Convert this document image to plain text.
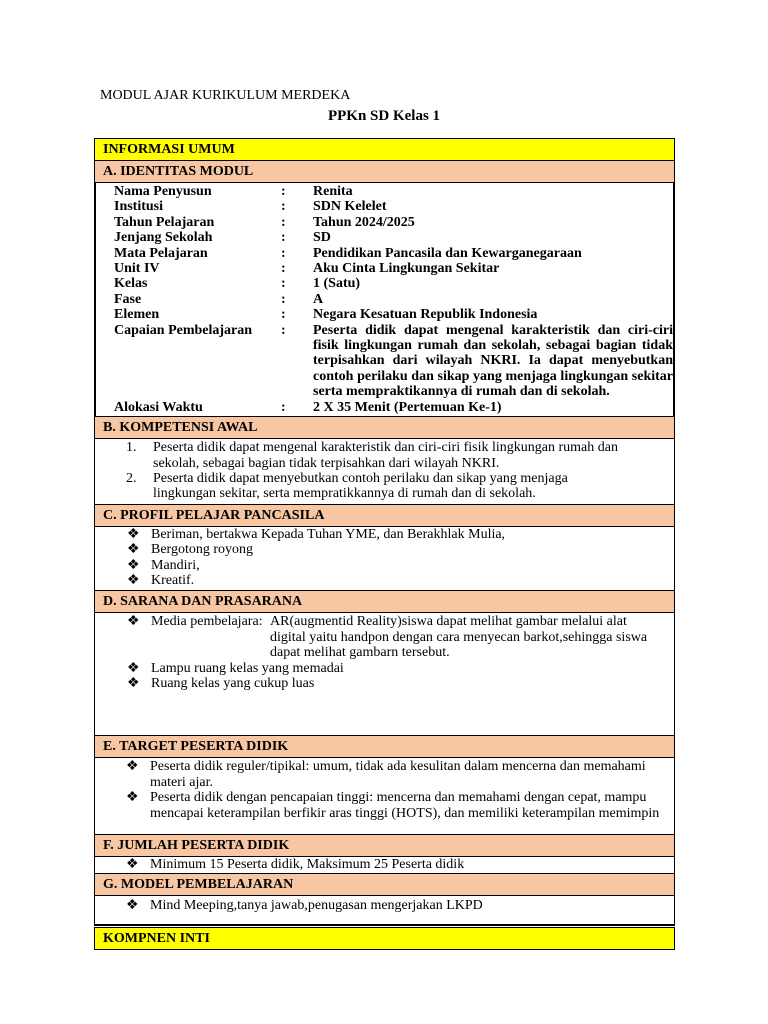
MODUL AJAR KURIKULUM MERDEKA
PPKn SD Kelas 1
INFORMASI UMUM
A. IDENTITAS MODUL
Nama Penyusun	:	Renita
Institusi	:	SDN Kelelet
Tahun Pelajaran	:	Tahun 2024/2025
Jenjang Sekolah	:	SD
Mata Pelajaran	:	Pendidikan Pancasila dan Kewarganegaraan
Unit IV	:	Aku Cinta Lingkungan Sekitar
Kelas	:	1 (Satu)
Fase	:	A
Elemen	:	Negara Kesatuan Republik Indonesia
Capaian Pembelajaran	:	Peserta didik dapat mengenal karakteristik dan ciri-ciri fisik lingkungan rumah dan sekolah, sebagai bagian tidak terpisahkan dari wilayah NKRI. Ia dapat menyebutkan contoh perilaku dan sikap yang menjaga lingkungan sekitar serta mempraktikannya di rumah dan di sekolah.
Alokasi Waktu	:	2 X 35 Menit (Pertemuan Ke-1)
B. KOMPETENSI AWAL
1.	Peserta didik dapat mengenal karakteristik dan ciri-ciri fisik lingkungan rumah dan sekolah, sebagai bagian tidak terpisahkan dari wilayah NKRI.
2.	Peserta didik dapat menyebutkan contoh perilaku dan sikap yang menjaga lingkungan sekitar, serta mempratikkannya di rumah dan di sekolah.
C. PROFIL PELAJAR PANCASILA
❖ Beriman, bertakwa Kepada Tuhan YME, dan Berakhlak Mulia,
❖ Bergotong royong
❖ Mandiri,
❖ Kreatif.
D. SARANA DAN PRASARANA
❖ Media pembelajara: AR(augmentid Reality)siswa dapat melihat gambar melalui alat digital yaitu handpon dengan cara menyecan barkot,sehingga siswa dapat melihat gambarn tersebut.
❖ Lampu ruang kelas yang memadai
❖ Ruang kelas yang cukup luas
E. TARGET PESERTA DIDIK
❖ Peserta didik reguler/tipikal: umum, tidak ada kesulitan dalam mencerna dan memahami materi ajar.
❖ Peserta didik dengan pencapaian tinggi: mencerna dan memahami dengan cepat, mampu mencapai keterampilan berfikir aras tinggi (HOTS), dan memiliki keterampilan memimpin
F. JUMLAH PESERTA DIDIK
❖ Minimum 15 Peserta didik, Maksimum 25 Peserta didik
G. MODEL PEMBELAJARAN
❖ Mind Meeping,tanya jawab,penugasan mengerjakan LKPD
KOMPNEN INTI
